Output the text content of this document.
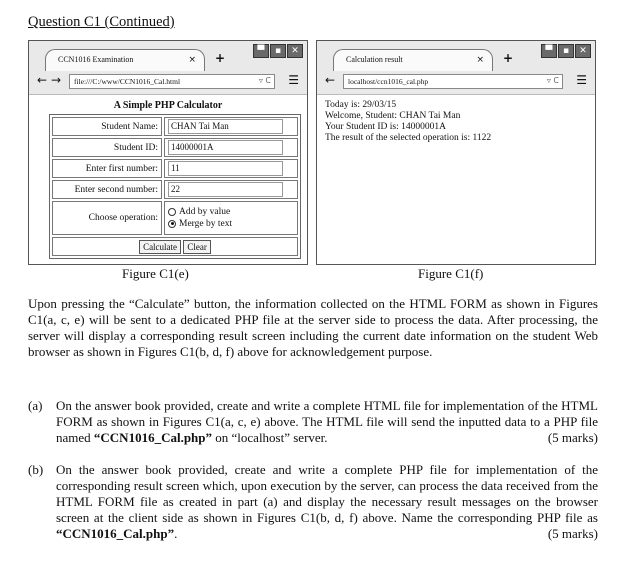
Question C1 (Continued)
▀	▪	✕
CCN1016 Examination	× +
← →	file:///C:/www/CCN1016_Cal.html	▿ C ☰
A Simple PHP Calculator
Student Name:	CHAN Tai Man
Student ID:	14000001A
Enter first number:	11
Enter second number:	22
Choose operation:	Add by value
Merge by text

Calculate Clear	
▀	▪	✕
Calculation result	× +
←	localhost/ccn1016_cal.php	▿ C ☰
Today is: 29/03/15
Welcome, Student: CHAN Tai Man
Your Student ID is: 14000001A
The result of the selected operation is: 1122
Figure C1(e)	Figure C1(f)
Upon pressing the “Calculate” button, the information collected on the HTML FORM as shown in Figures C1(a, c, e) will be sent to a dedicated PHP file at the server side to process the data. After processing, the server will display a corresponding result screen including the current date information on the student Web browser as shown in Figures C1(b, d, f) above for acknowledgement purpose.
(a) On the answer book provided, create and write a complete HTML file for implementation of the HTML FORM as shown in Figures C1(a, c, e) above. The HTML file will send the inputted data to a PHP file named “CCN1016_Cal.php” on “localhost” server.	(5 marks)
(b) On the answer book provided, create and write a complete PHP file for implementation of the corresponding result screen which, upon execution by the server, can process the data received from the HTML FORM file as created in part (a) and display the necessary result messages on the browser screen at the client side as shown in Figures C1(b, d, f) above. Name the corresponding PHP file as “CCN1016_Cal.php”.	(5 marks)
